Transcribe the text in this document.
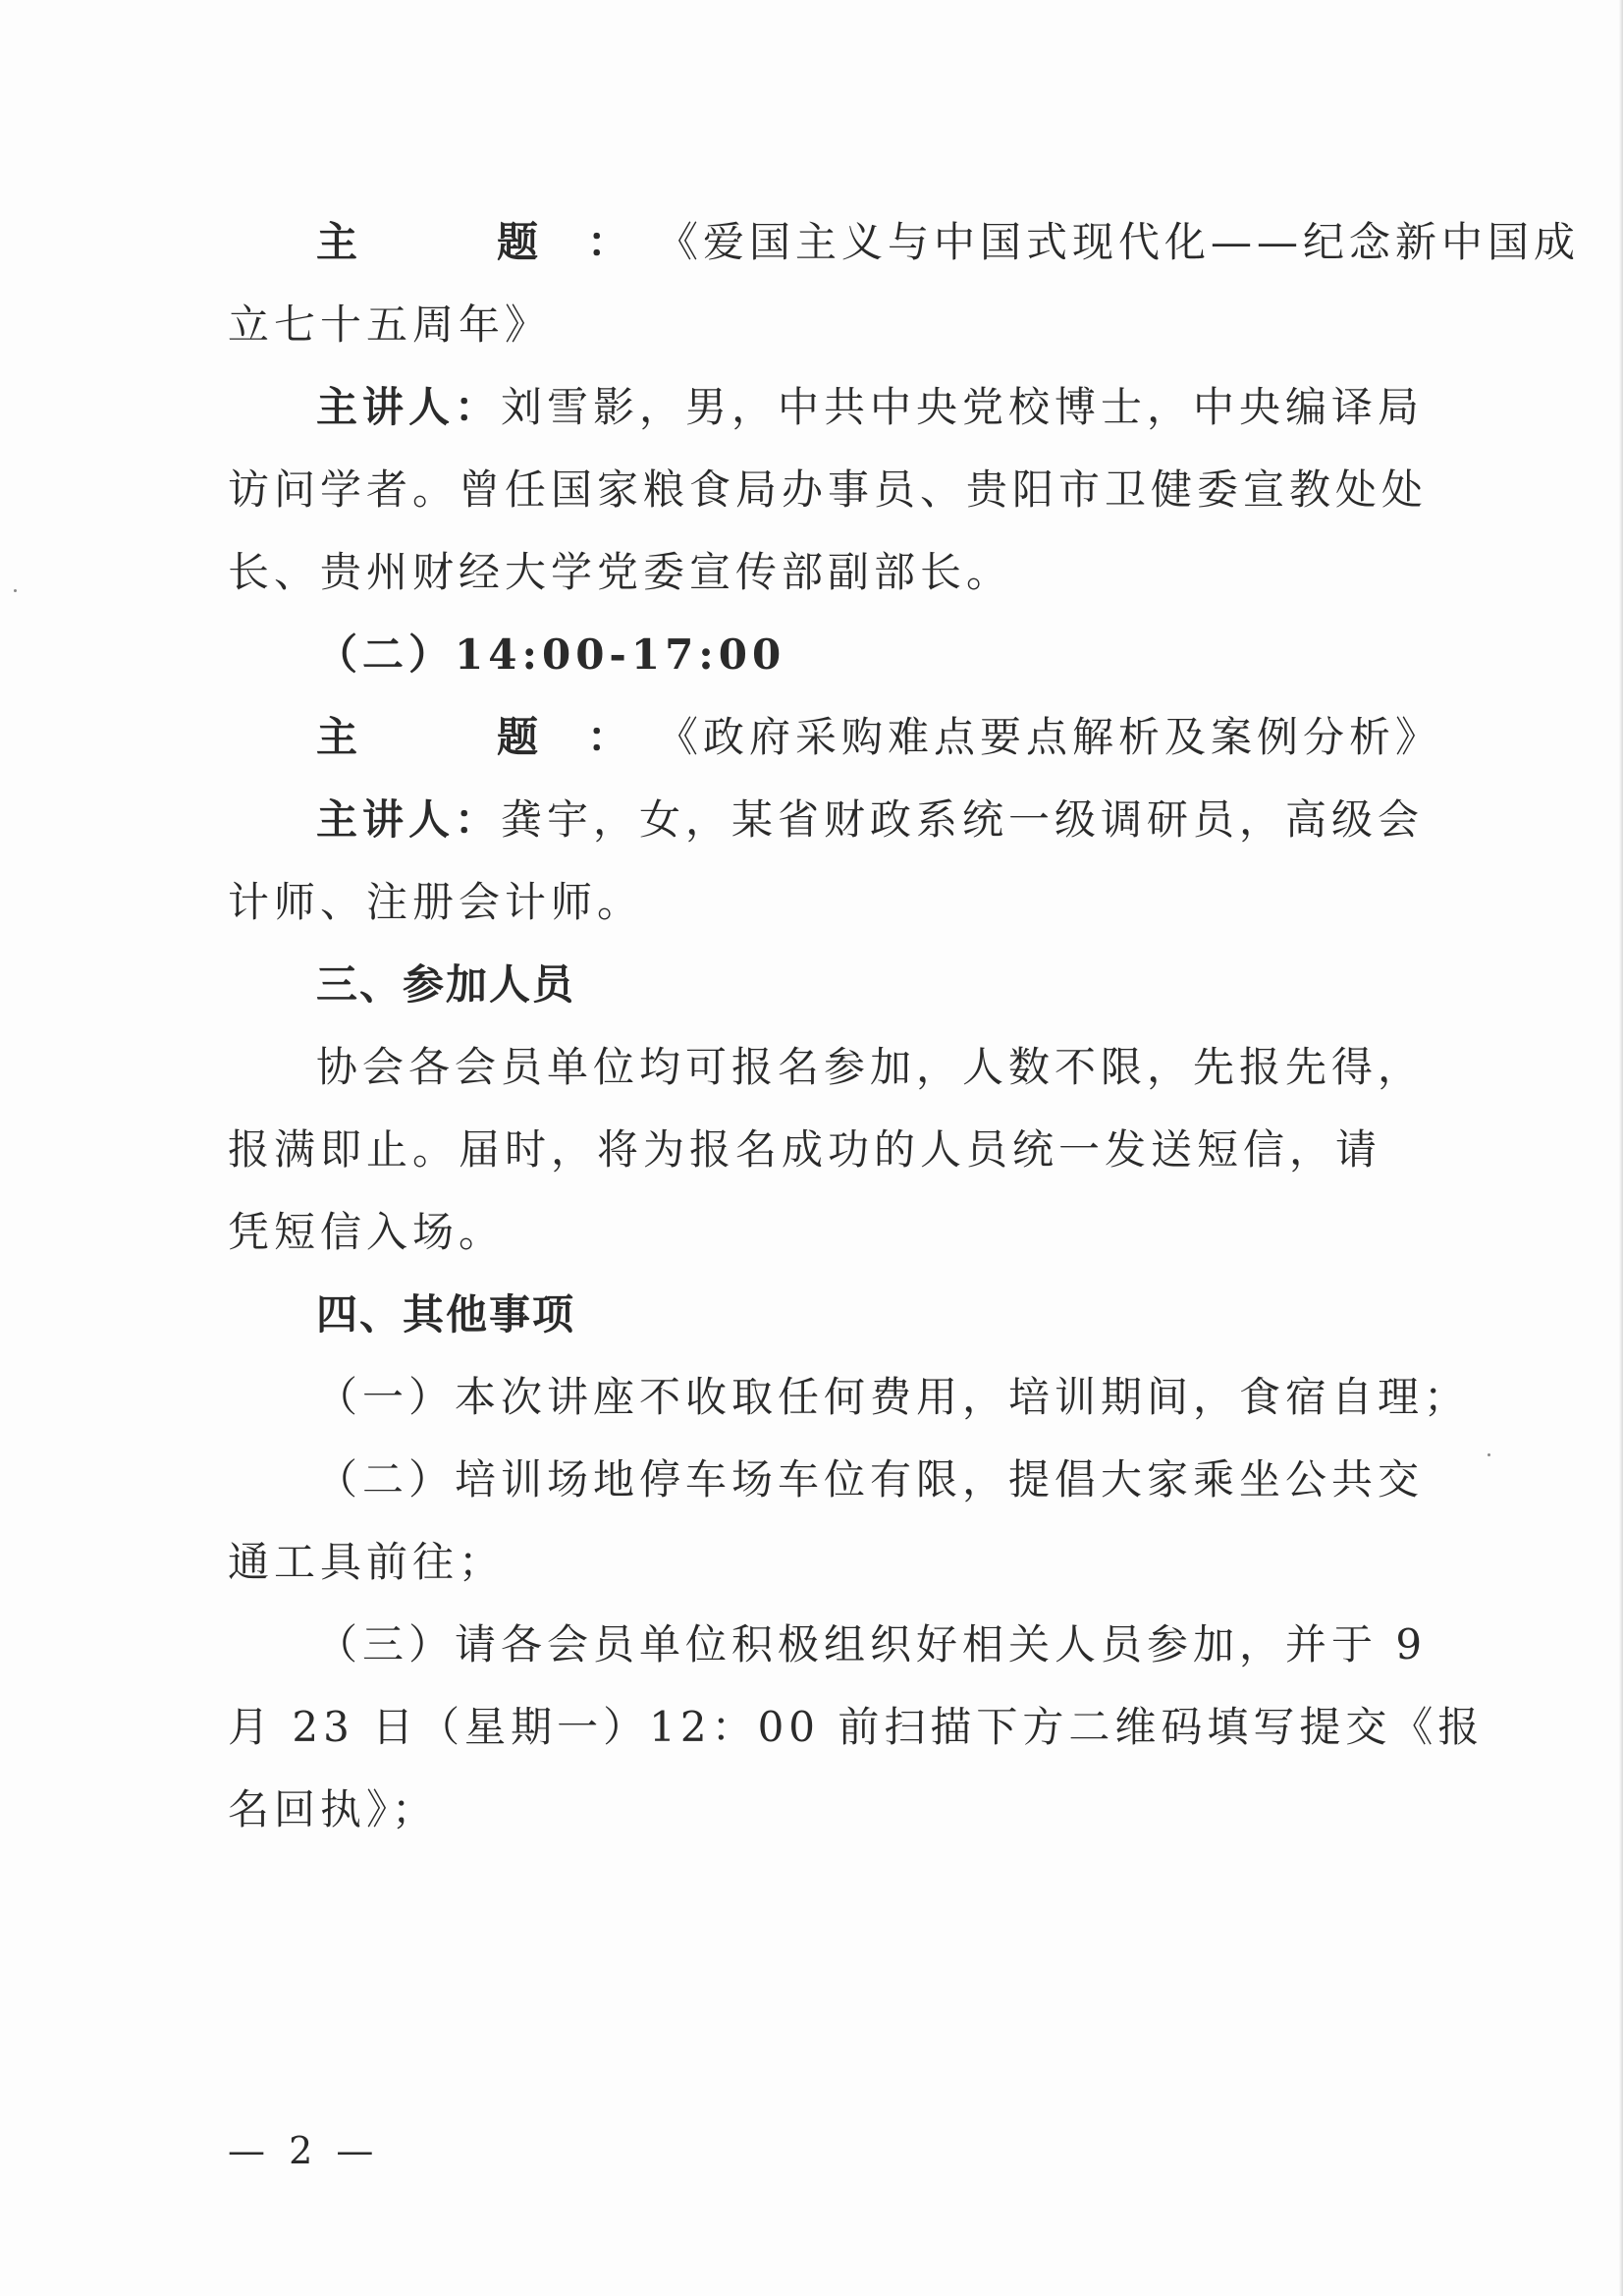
主　题：《爱国主义与中国式现代化——纪念新中国成
立七十五周年》
主讲人：刘雪影，男，中共中央党校博士，中央编译局
访问学者。曾任国家粮食局办事员、贵阳市卫健委宣教处处
长、贵州财经大学党委宣传部副部长。
（二）14:00-17:00
主　题：《政府采购难点要点解析及案例分析》
主讲人：龚宇，女，某省财政系统一级调研员，高级会
计师、注册会计师。
三、参加人员
协会各会员单位均可报名参加，人数不限，先报先得，
报满即止。届时，将为报名成功的人员统一发送短信，请
凭短信入场。
四、其他事项
（一）本次讲座不收取任何费用，培训期间，食宿自理；
（二）培训场地停车场车位有限，提倡大家乘坐公共交
通工具前往；
（三）请各会员单位积极组织好相关人员参加，并于 9
月 23 日（星期一）12：00 前扫描下方二维码填写提交《报
名回执》；
— 2 —
